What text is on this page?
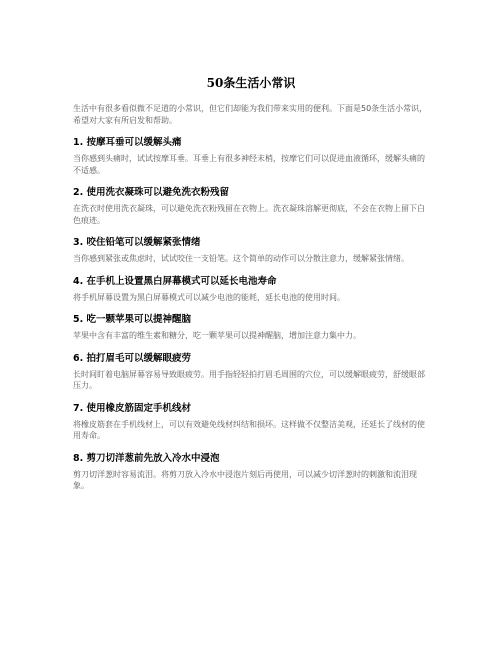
50条生活小常识

生活中有很多看似微不足道的小常识，但它们却能为我们带来实用的便利。下面是50条生活小常识，希望对大家有所启发和帮助。

1. 按摩耳垂可以缓解头痛

当你感到头痛时，试试按摩耳垂。耳垂上有很多神经末梢，按摩它们可以促进血液循环，缓解头痛的不适感。

2. 使用洗衣凝珠可以避免洗衣粉残留

在洗衣时使用洗衣凝珠，可以避免洗衣粉残留在衣物上。洗衣凝珠溶解更彻底，不会在衣物上留下白色痕迹。

3. 咬住铅笔可以缓解紧张情绪

当你感到紧张或焦虑时，试试咬住一支铅笔。这个简单的动作可以分散注意力，缓解紧张情绪。

4. 在手机上设置黑白屏幕模式可以延长电池寿命

将手机屏幕设置为黑白屏幕模式可以减少电池的能耗，延长电池的使用时间。

5. 吃一颗苹果可以提神醒脑

苹果中含有丰富的维生素和糖分，吃一颗苹果可以提神醒脑，增加注意力集中力。

6. 拍打眉毛可以缓解眼疲劳

长时间盯着电脑屏幕容易导致眼疲劳。用手指轻轻拍打眉毛周围的穴位，可以缓解眼疲劳，舒缓眼部压力。

7. 使用橡皮筋固定手机线材

将橡皮筋套在手机线材上，可以有效避免线材纠结和损坏。这样做不仅整洁美观，还延长了线材的使用寿命。

8. 剪刀切洋葱前先放入冷水中浸泡

剪刀切洋葱时容易流泪。将剪刀放入冷水中浸泡片刻后再使用，可以减少切洋葱时的刺激和流泪现象。
